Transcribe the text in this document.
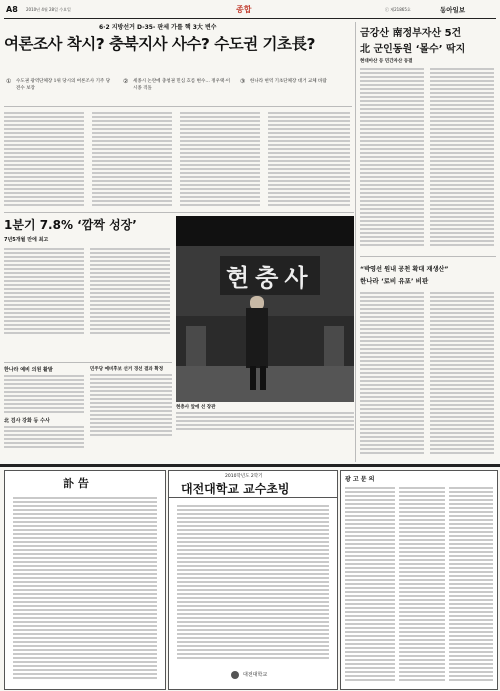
A8 2010년 4월 28일 수요일	종합	ⓒ 제21865호	동아일보
6·2 지방선거 D-35- 판세 가를 핵 3大 변수
여론조사 착시? 충북지사 사수? 수도권 기초長?
① 수도권 광역단체장 1위 당시의 여론조사 기주 당전수 보장
② 세종시 논란에 충청권 민심 흐름 변수… 정우택·이시종 격돌
③ 한나라 현역 기초단체장 대거 교체 바람
금강산 南정부자산 5건
北 군인동원 ‘몰수’ 딱지
현대아산 등 민간자산 동결
1분기 7.8% ‘깜짝 성장’
7년5개월 만에 최고
현충사
현충사 앞에 선 장관
“박영선 원내 공천 확대 재생산”
한나라 ‘로비 유포’ 비판
한나라 예비 의원 활발
北 검사 강화 등 수사
민주당 예비후보 선거 경선 결과 확정
訃 告
2010학년도 2학기
대전대학교 교수초빙
대전대학교
광 고 문 의
